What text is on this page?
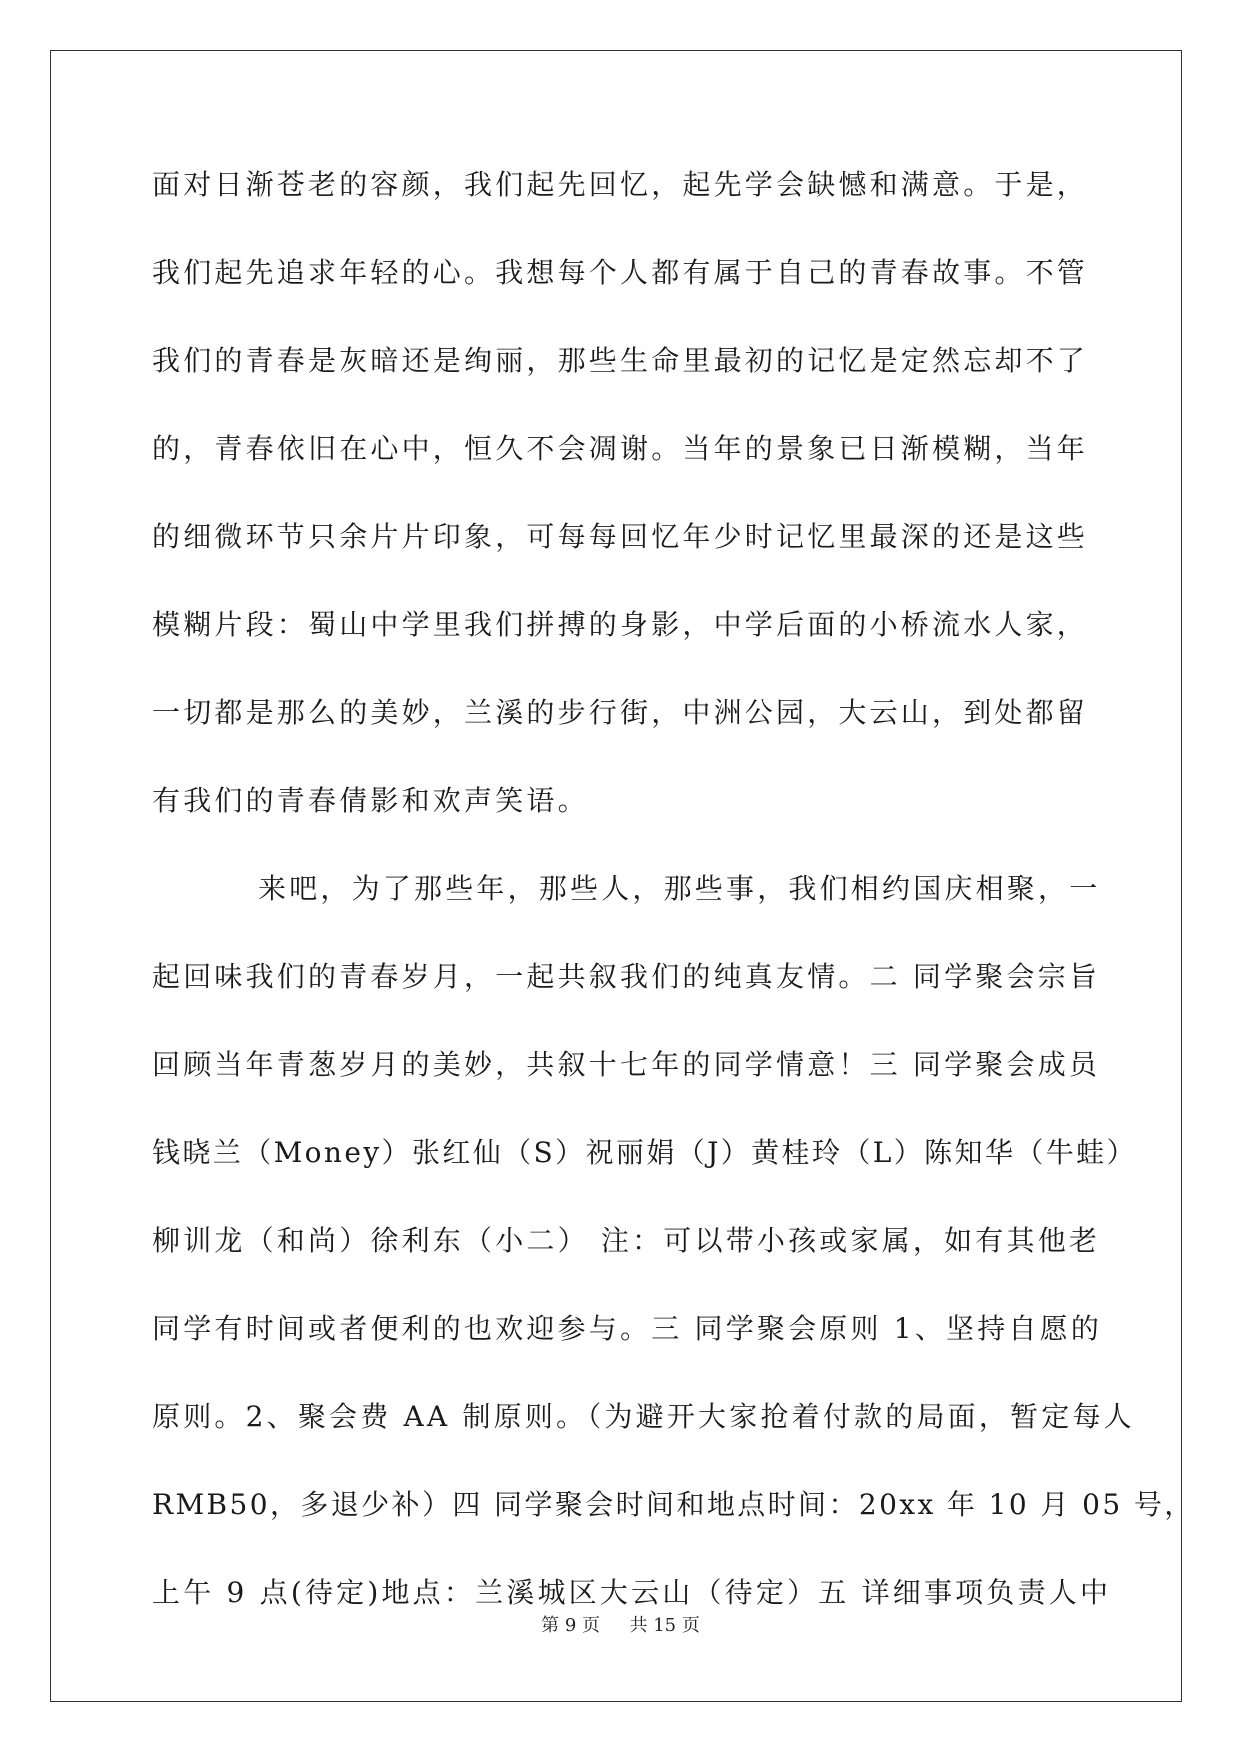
面对日渐苍老的容颜，我们起先回忆，起先学会缺憾和满意。于是，
我们起先追求年轻的心。我想每个人都有属于自己的青春故事。不管
我们的青春是灰暗还是绚丽，那些生命里最初的记忆是定然忘却不了
的，青春依旧在心中，恒久不会凋谢。当年的景象已日渐模糊，当年
的细微环节只余片片印象，可每每回忆年少时记忆里最深的还是这些
模糊片段：蜀山中学里我们拼搏的身影，中学后面的小桥流水人家，
一切都是那么的美妙，兰溪的步行街，中洲公园，大云山，到处都留
有我们的青春倩影和欢声笑语。
来吧，为了那些年，那些人，那些事，我们相约国庆相聚，一
起回味我们的青春岁月，一起共叙我们的纯真友情。二 同学聚会宗旨
回顾当年青葱岁月的美妙，共叙十七年的同学情意！三 同学聚会成员
钱晓兰（Money）张红仙（S）祝丽娟（J）黄桂玲（L）陈知华（牛蛙）
柳训龙（和尚）徐利东（小二） 注：可以带小孩或家属，如有其他老
同学有时间或者便利的也欢迎参与。三 同学聚会原则 1、坚持自愿的
原则。2、聚会费 AA 制原则。（为避开大家抢着付款的局面，暂定每人
RMB50，多退少补）四 同学聚会时间和地点时间：20xx 年 10 月 05 号，
上午 9 点(待定)地点：兰溪城区大云山（待定）五 详细事项负责人中
第 9 页 共 15 页
